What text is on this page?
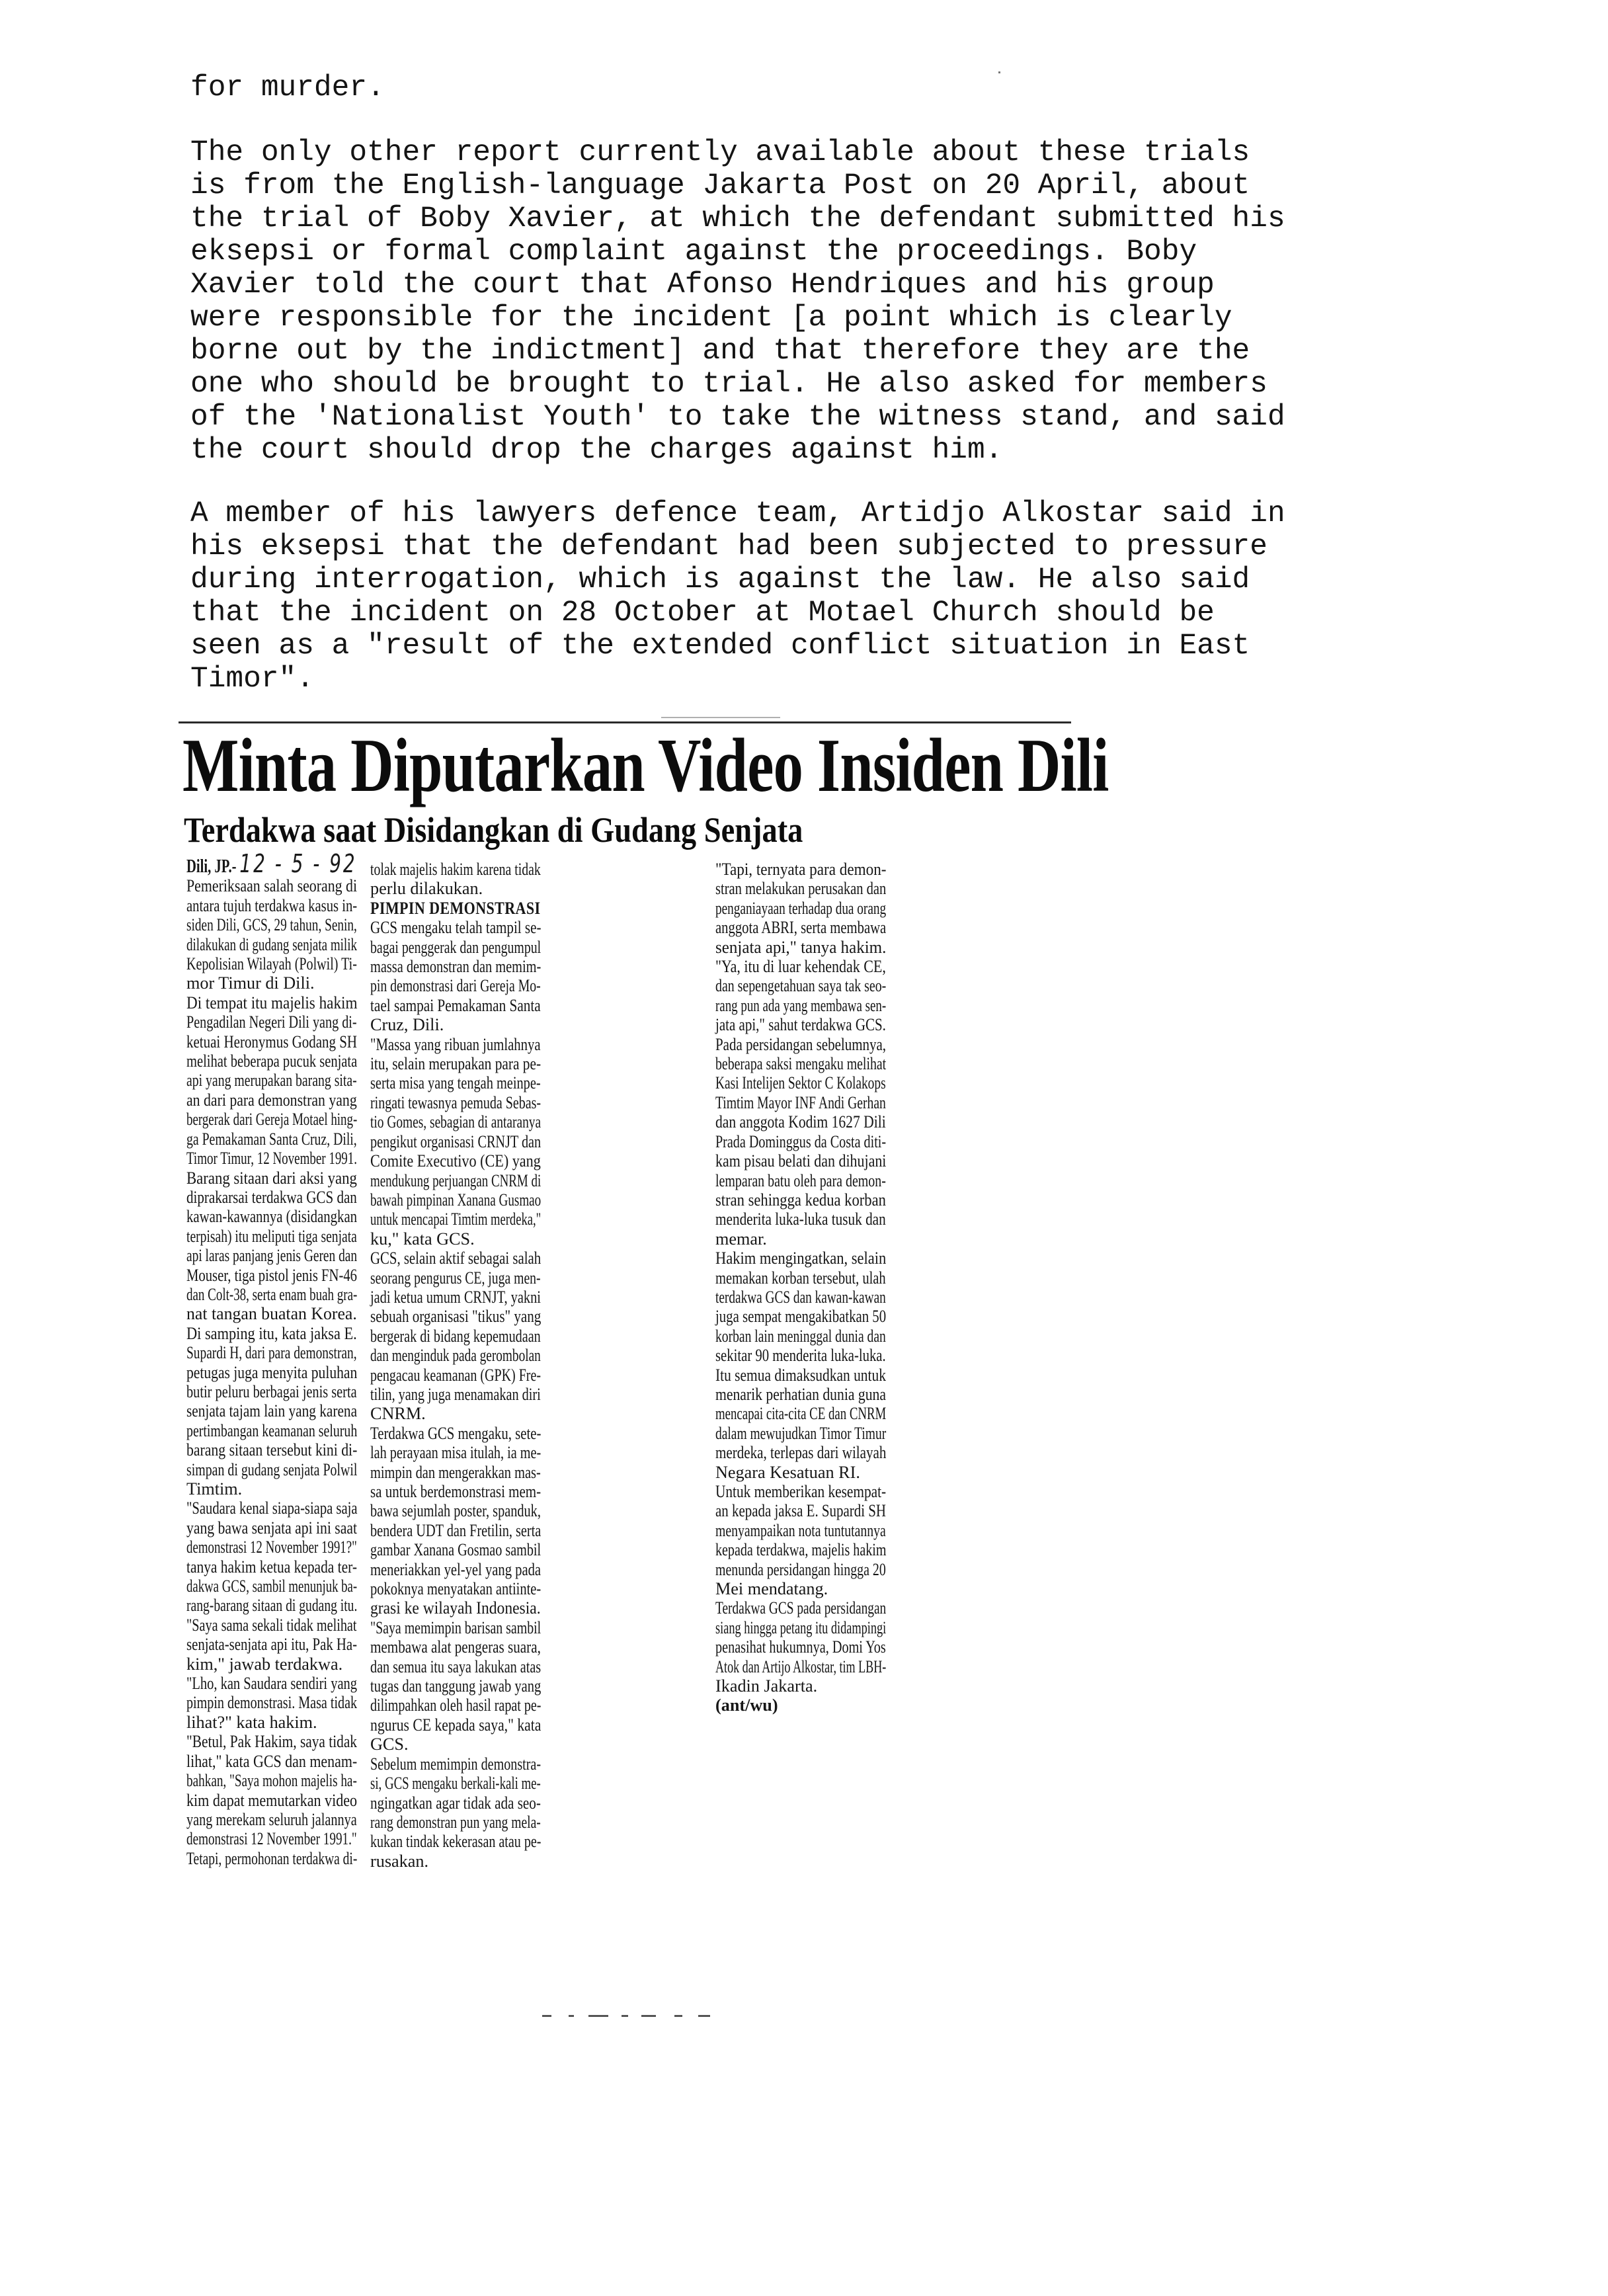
for murder.
The only other report currently available about these trials
is from the English-language Jakarta Post on 20 April, about
the trial of Boby Xavier, at which the defendant submitted his
eksepsi or formal complaint against the proceedings. Boby
Xavier told the court that Afonso Hendriques and his group
were responsible for the incident [a point which is clearly
borne out by the indictment] and that therefore they are the
one who should be brought to trial. He also asked for members
of the 'Nationalist Youth' to take the witness stand, and said
the court should drop the charges against him.
A member of his lawyers defence team, Artidjo Alkostar said in
his eksepsi that the defendant had been subjected to pressure
during interrogation, which is against the law. He also said
that the incident on 28 October at Motael Church should be
seen as a "result of the extended conflict situation in East
Timor".
Minta Diputarkan Video Insiden Dili
Terdakwa saat Disidangkan di Gudang Senjata
Dili, JP.- 12 - 5 - 92
Pemeriksaan salah seorang di
antara tujuh terdakwa kasus in-
siden Dili, GCS, 29 tahun, Senin,
dilakukan di gudang senjata milik
Kepolisian Wilayah (Polwil) Ti-
mor Timur di Dili.
Di tempat itu majelis hakim
Pengadilan Negeri Dili yang di-
ketuai Heronymus Godang SH
melihat beberapa pucuk senjata
api yang merupakan barang sita-
an dari para demonstran yang
bergerak dari Gereja Motael hing-
ga Pemakaman Santa Cruz, Dili,
Timor Timur, 12 November 1991.
Barang sitaan dari aksi yang
diprakarsai terdakwa GCS dan
kawan-kawannya (disidangkan
terpisah) itu meliputi tiga senjata
api laras panjang jenis Geren dan
Mouser, tiga pistol jenis FN-46
dan Colt-38, serta enam buah gra-
nat tangan buatan Korea.
Di samping itu, kata jaksa E.
Supardi H, dari para demonstran,
petugas juga menyita puluhan
butir peluru berbagai jenis serta
senjata tajam lain yang karena
pertimbangan keamanan seluruh
barang sitaan tersebut kini di-
simpan di gudang senjata Polwil
Timtim.
"Saudara kenal siapa-siapa saja
yang bawa senjata api ini saat
demonstrasi 12 November 1991?"
tanya hakim ketua kepada ter-
dakwa GCS, sambil menunjuk ba-
rang-barang sitaan di gudang itu.
"Saya sama sekali tidak melihat
senjata-senjata api itu, Pak Ha-
kim," jawab terdakwa.
"Lho, kan Saudara sendiri yang
pimpin demonstrasi. Masa tidak
lihat?" kata hakim.
"Betul, Pak Hakim, saya tidak
lihat," kata GCS dan menam-
bahkan, "Saya mohon majelis ha-
kim dapat memutarkan video
yang merekam seluruh jalannya
demonstrasi 12 November 1991."
Tetapi, permohonan terdakwa di-
tolak majelis hakim karena tidak
perlu dilakukan.
PIMPIN DEMONSTRASI
GCS mengaku telah tampil se-
bagai penggerak dan pengumpul
massa demonstran dan memim-
pin demonstrasi dari Gereja Mo-
tael sampai Pemakaman Santa
Cruz, Dili.
"Massa yang ribuan jumlahnya
itu, selain merupakan para pe-
serta misa yang tengah meinpe-
ringati tewasnya pemuda Sebas-
tio Gomes, sebagian di antaranya
pengikut organisasi CRNJT dan
Comite Executivo (CE) yang
mendukung perjuangan CNRM di
bawah pimpinan Xanana Gusmao
untuk mencapai Timtim merdeka,"
ku," kata GCS.
GCS, selain aktif sebagai salah
seorang pengurus CE, juga men-
jadi ketua umum CRNJT, yakni
sebuah organisasi "tikus" yang
bergerak di bidang kepemudaan
dan menginduk pada gerombolan
pengacau keamanan (GPK) Fre-
tilin, yang juga menamakan diri
CNRM.
Terdakwa GCS mengaku, sete-
lah perayaan misa itulah, ia me-
mimpin dan mengerakkan mas-
sa untuk berdemonstrasi mem-
bawa sejumlah poster, spanduk,
bendera UDT dan Fretilin, serta
gambar Xanana Gosmao sambil
meneriakkan yel-yel yang pada
pokoknya menyatakan antiinte-
grasi ke wilayah Indonesia.
"Saya memimpin barisan sambil
membawa alat pengeras suara,
dan semua itu saya lakukan atas
tugas dan tanggung jawab yang
dilimpahkan oleh hasil rapat pe-
ngurus CE kepada saya," kata
GCS.
Sebelum memimpin demonstra-
si, GCS mengaku berkali-kali me-
ngingatkan agar tidak ada seo-
rang demonstran pun yang mela-
kukan tindak kekerasan atau pe-
rusakan.
"Tapi, ternyata para demon-
stran melakukan perusakan dan
penganiayaan terhadap dua orang
anggota ABRI, serta membawa
senjata api," tanya hakim.
"Ya, itu di luar kehendak CE,
dan sepengetahuan saya tak seo-
rang pun ada yang membawa sen-
jata api," sahut terdakwa GCS.
Pada persidangan sebelumnya,
beberapa saksi mengaku melihat
Kasi Intelijen Sektor C Kolakops
Timtim Mayor INF Andi Gerhan
dan anggota Kodim 1627 Dili
Prada Dominggus da Costa diti-
kam pisau belati dan dihujani
lemparan batu oleh para demon-
stran sehingga kedua korban
menderita luka-luka tusuk dan
memar.
Hakim mengingatkan, selain
memakan korban tersebut, ulah
terdakwa GCS dan kawan-kawan
juga sempat mengakibatkan 50
korban lain meninggal dunia dan
sekitar 90 menderita luka-luka.
Itu semua dimaksudkan untuk
menarik perhatian dunia guna
mencapai cita-cita CE dan CNRM
dalam mewujudkan Timor Timur
merdeka, terlepas dari wilayah
Negara Kesatuan RI.
Untuk memberikan kesempat-
an kepada jaksa E. Supardi SH
menyampaikan nota tuntutannya
kepada terdakwa, majelis hakim
menunda persidangan hingga 20
Mei mendatang.
Terdakwa GCS pada persidangan
siang hingga petang itu didampingi
penasihat hukumnya, Domi Yos
Atok dan Artijo Alkostar, tim LBH-
Ikadin Jakarta.
(ant/wu)
